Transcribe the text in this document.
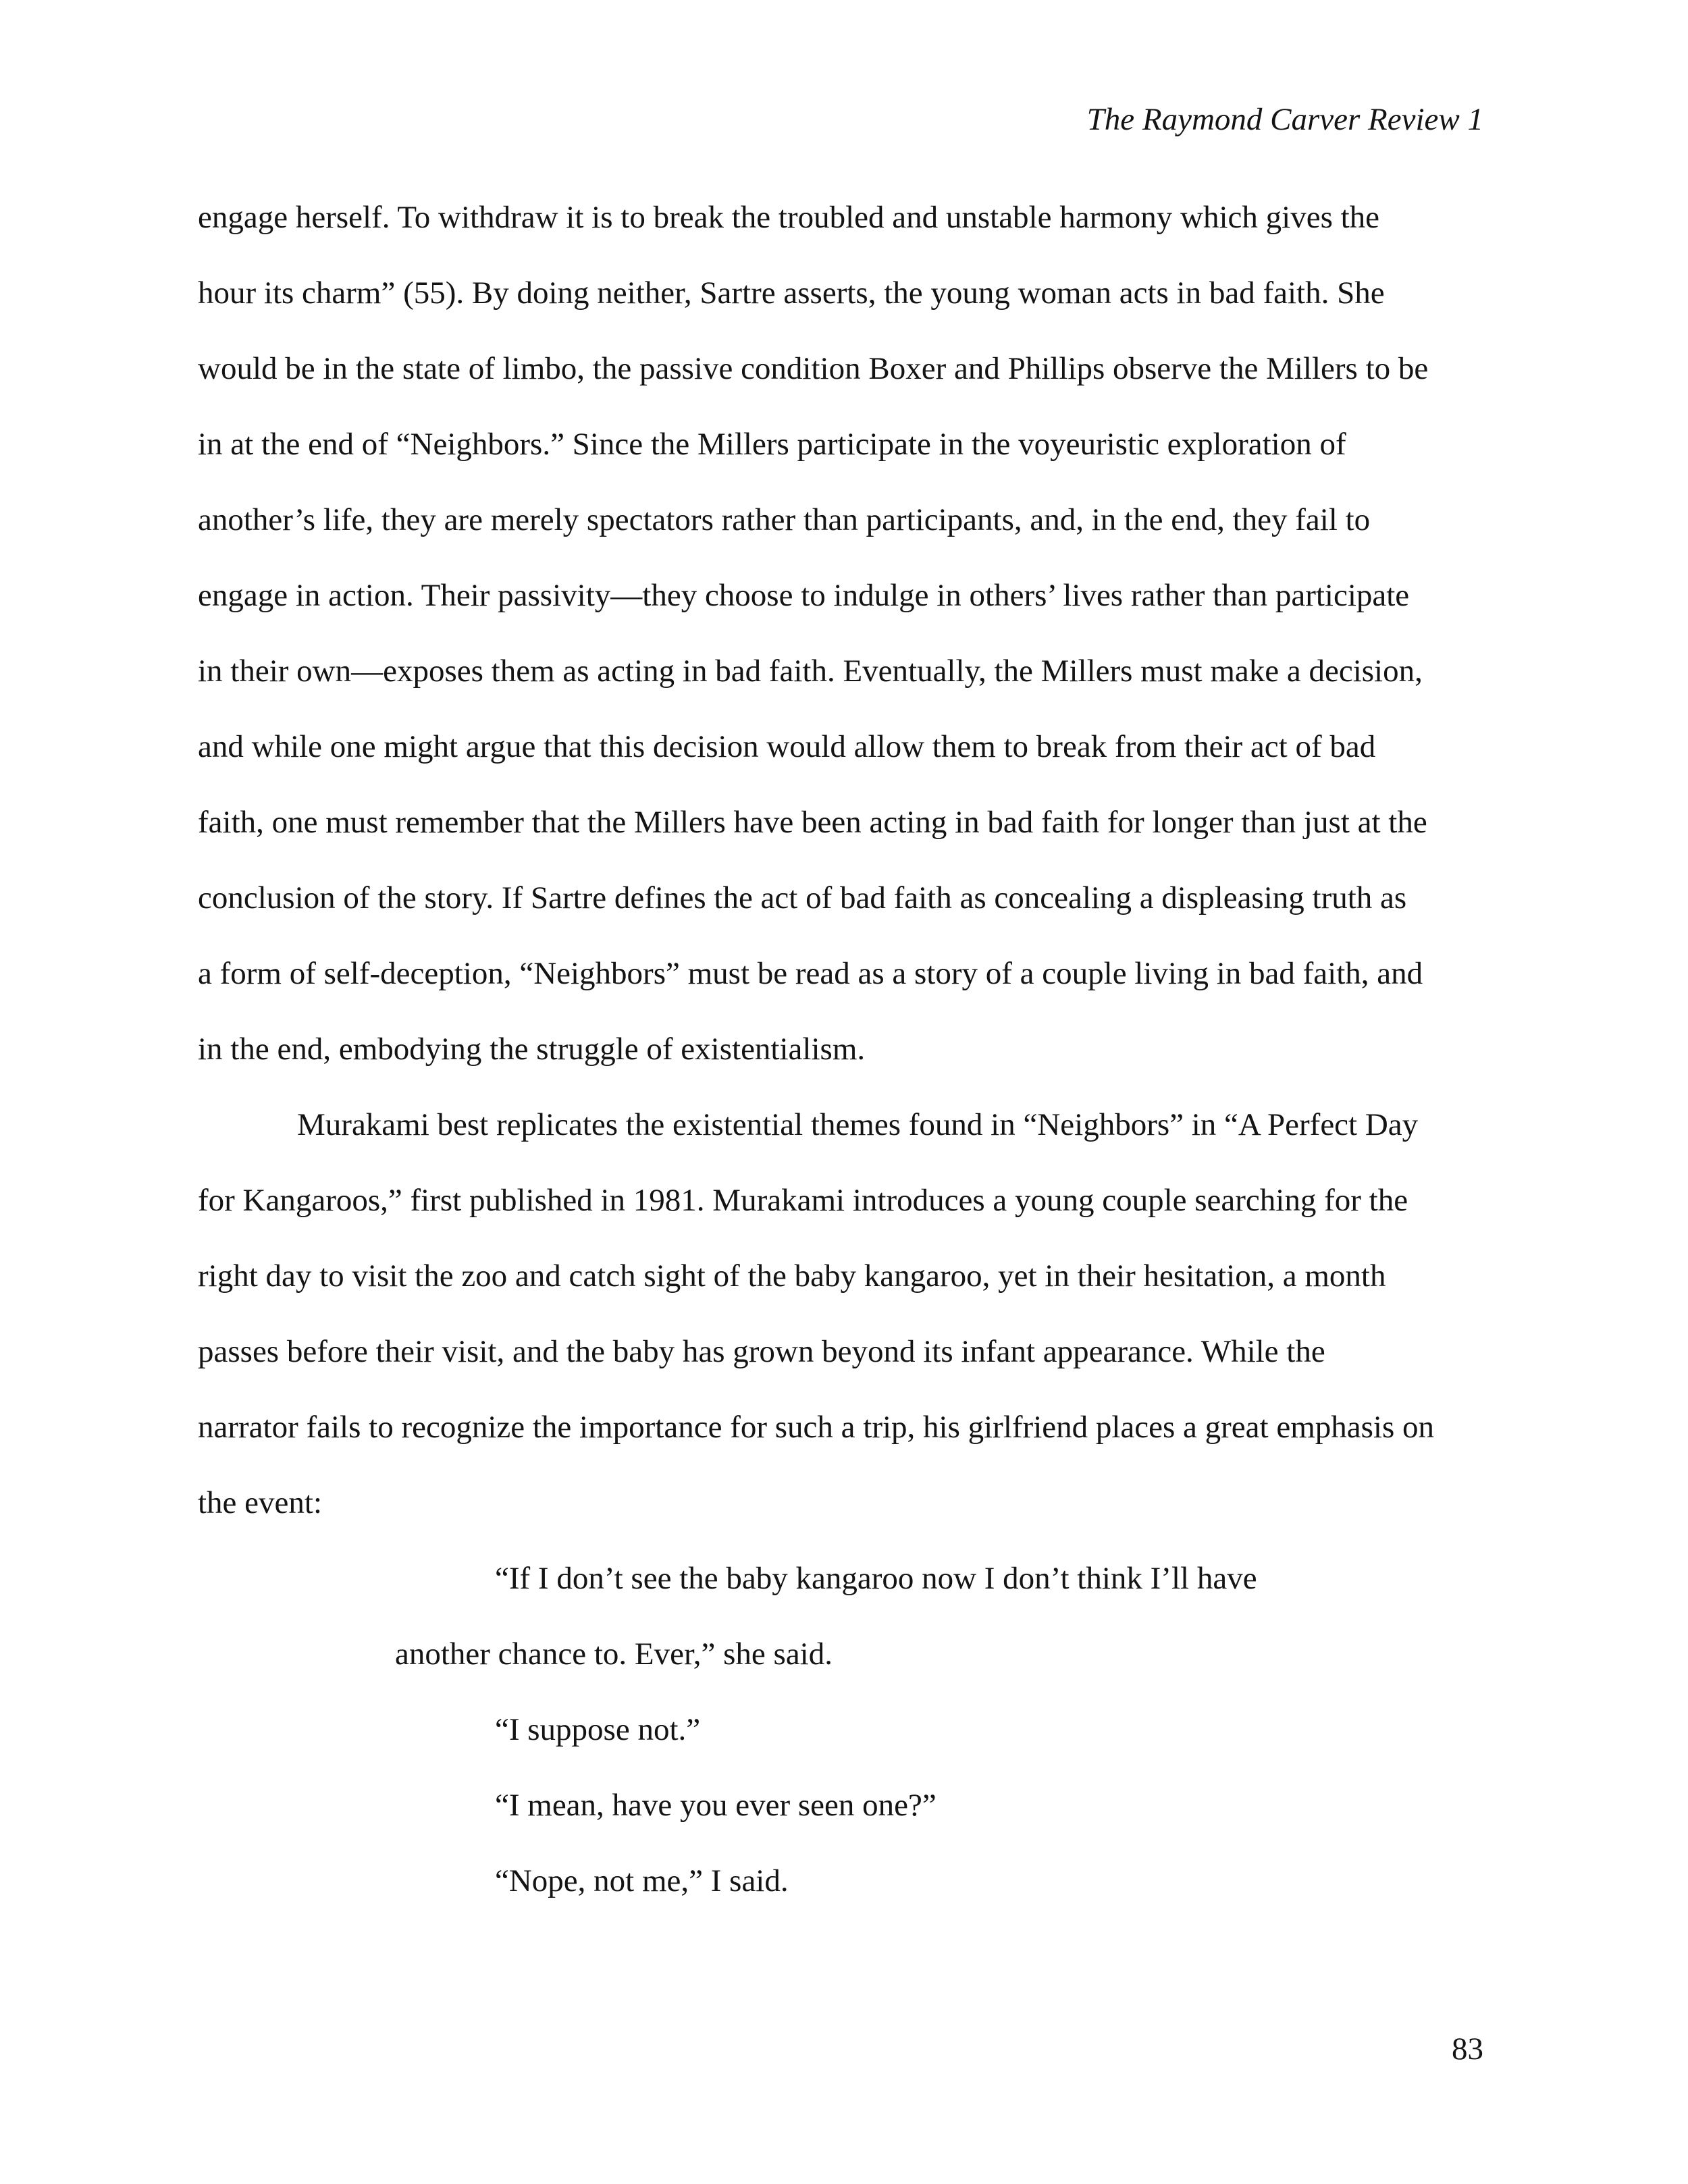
The Raymond Carver Review 1
engage herself. To withdraw it is to break the troubled and unstable harmony which gives the
hour its charm” (55). By doing neither, Sartre asserts, the young woman acts in bad faith. She
would be in the state of limbo, the passive condition Boxer and Phillips observe the Millers to be
in at the end of “Neighbors.” Since the Millers participate in the voyeuristic exploration of
another’s life, they are merely spectators rather than participants, and, in the end, they fail to
engage in action. Their passivity—they choose to indulge in others’ lives rather than participate
in their own—exposes them as acting in bad faith. Eventually, the Millers must make a decision,
and while one might argue that this decision would allow them to break from their act of bad
faith, one must remember that the Millers have been acting in bad faith for longer than just at the
conclusion of the story. If Sartre defines the act of bad faith as concealing a displeasing truth as
a form of self-deception, “Neighbors” must be read as a story of a couple living in bad faith, and
in the end, embodying the struggle of existentialism.
Murakami best replicates the existential themes found in “Neighbors” in “A Perfect Day
for Kangaroos,” first published in 1981. Murakami introduces a young couple searching for the
right day to visit the zoo and catch sight of the baby kangaroo, yet in their hesitation, a month
passes before their visit, and the baby has grown beyond its infant appearance. While the
narrator fails to recognize the importance for such a trip, his girlfriend places a great emphasis on
the event:
“If I don’t see the baby kangaroo now I don’t think I’ll have
another chance to. Ever,” she said.
“I suppose not.”
“I mean, have you ever seen one?”
“Nope, not me,” I said.
83
